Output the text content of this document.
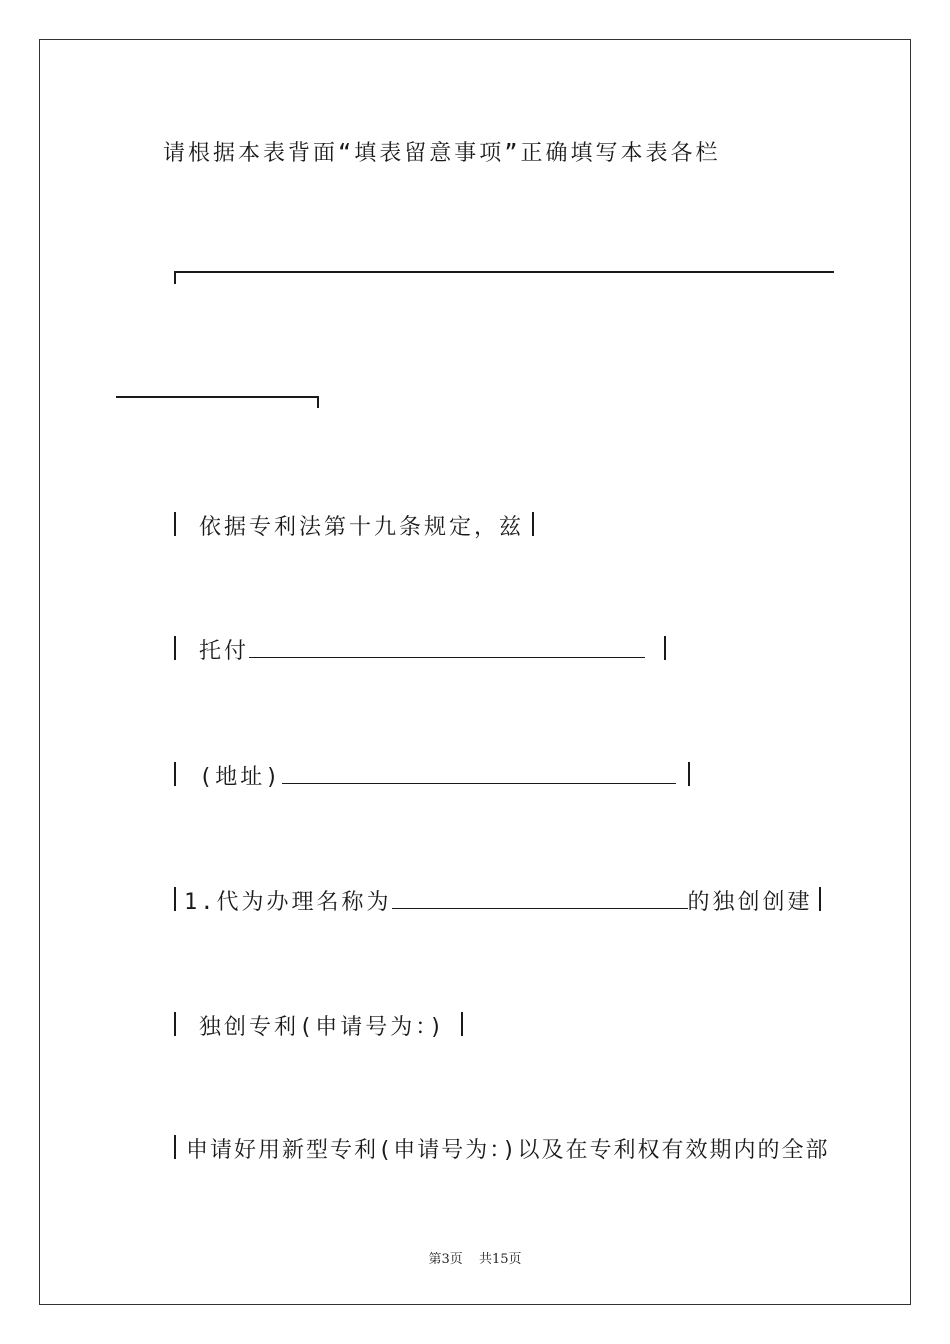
请根据本表背面“填表留意事项”正确填写本表各栏
依据专利法第十九条规定，兹
托付
(地址)
1.代为办理名称为	的独创创建
独创专利(申请号为：)
申请好用新型专利(申请号为：)以及在专利权有效期内的全部
第3页 共15页
